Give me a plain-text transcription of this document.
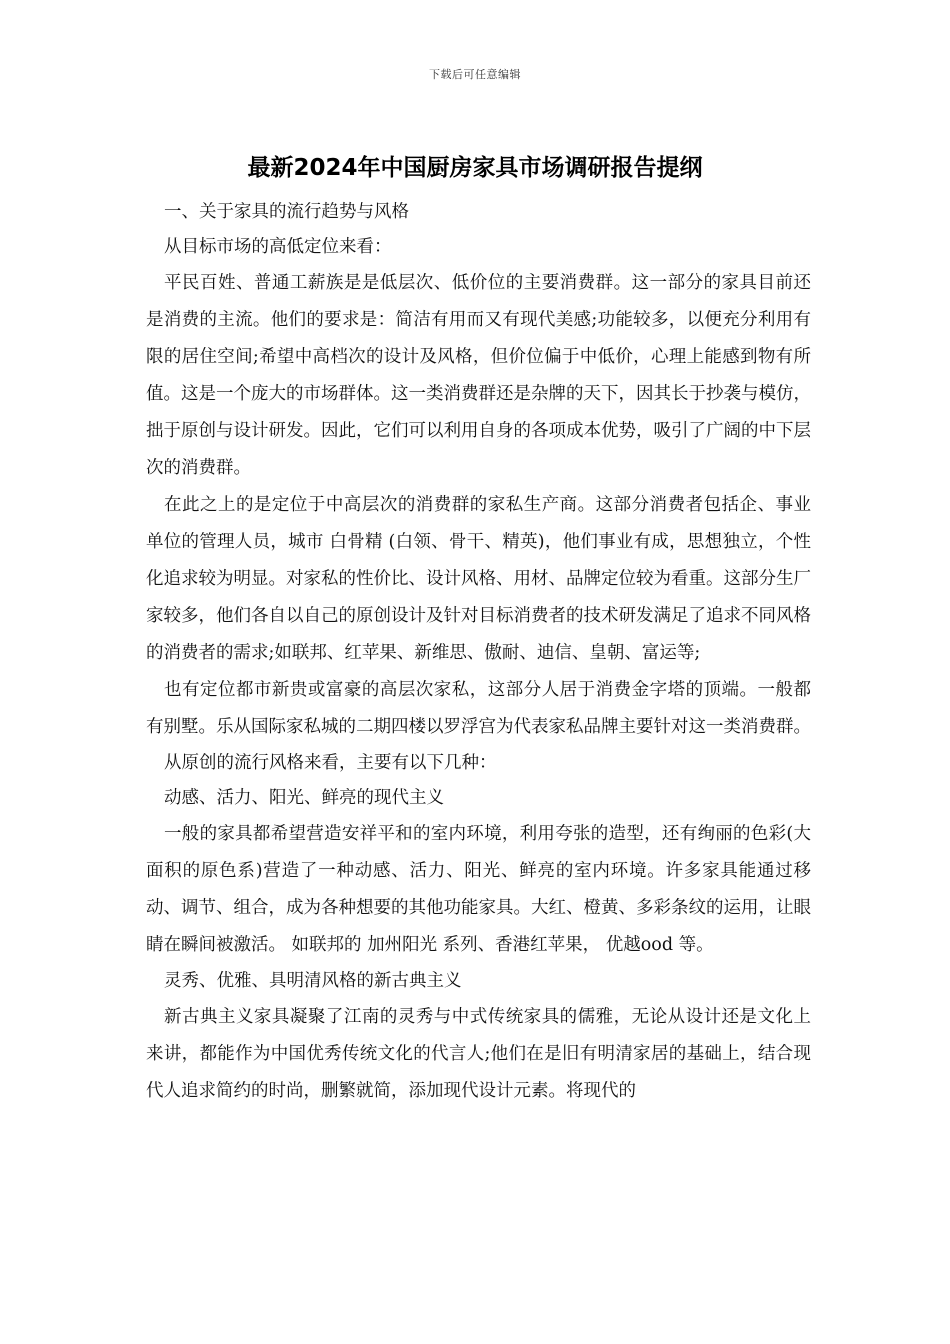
下载后可任意编辑
最新2024年中国厨房家具市场调研报告提纲

一、关于家具的流行趋势与风格

从目标市场的高低定位来看：

平民百姓、普通工薪族是是低层次、低价位的主要消费群。这一部分的家具目前还是消费的主流。他们的要求是：简洁有用而又有现代美感;功能较多，以便充分利用有限的居住空间;希望中高档次的设计及风格，但价位偏于中低价，心理上能感到物有所值。这是一个庞大的市场群体。这一类消费群还是杂牌的天下，因其长于抄袭与模仿，拙于原创与设计研发。因此，它们可以利用自身的各项成本优势，吸引了广阔的中下层次的消费群。

在此之上的是定位于中高层次的消费群的家私生产商。这部分消费者包括企、事业单位的管理人员，城市 白骨精 (白领、骨干、精英)，他们事业有成，思想独立，个性化追求较为明显。对家私的性价比、设计风格、用材、品牌定位较为看重。这部分生厂家较多，他们各自以自己的原创设计及针对目标消费者的技术研发满足了追求不同风格的消费者的需求;如联邦、红苹果、新维思、傲耐、迪信、皇朝、富运等;

也有定位都市新贵或富豪的高层次家私，这部分人居于消费金字塔的顶端。一般都有别墅。乐从国际家私城的二期四楼以罗浮宫为代表家私品牌主要针对这一类消费群。

从原创的流行风格来看，主要有以下几种：

动感、活力、阳光、鲜亮的现代主义

一般的家具都希望营造安祥平和的室内环境，利用夸张的造型，还有绚丽的色彩(大面积的原色系)营造了一种动感、活力、阳光、鲜亮的室内环境。许多家具能通过移动、调节、组合，成为各种想要的其他功能家具。大红、橙黄、多彩条纹的运用，让眼睛在瞬间被激活。 如联邦的 加州阳光 系列、香港红苹果， 优越ood 等。

灵秀、优雅、具明清风格的新古典主义

新古典主义家具凝聚了江南的灵秀与中式传统家具的儒雅，无论从设计还是文化上来讲，都能作为中国优秀传统文化的代言人;他们在是旧有明清家居的基础上，结合现代人追求简约的时尚，删繁就简，添加现代设计元素。将现代的
